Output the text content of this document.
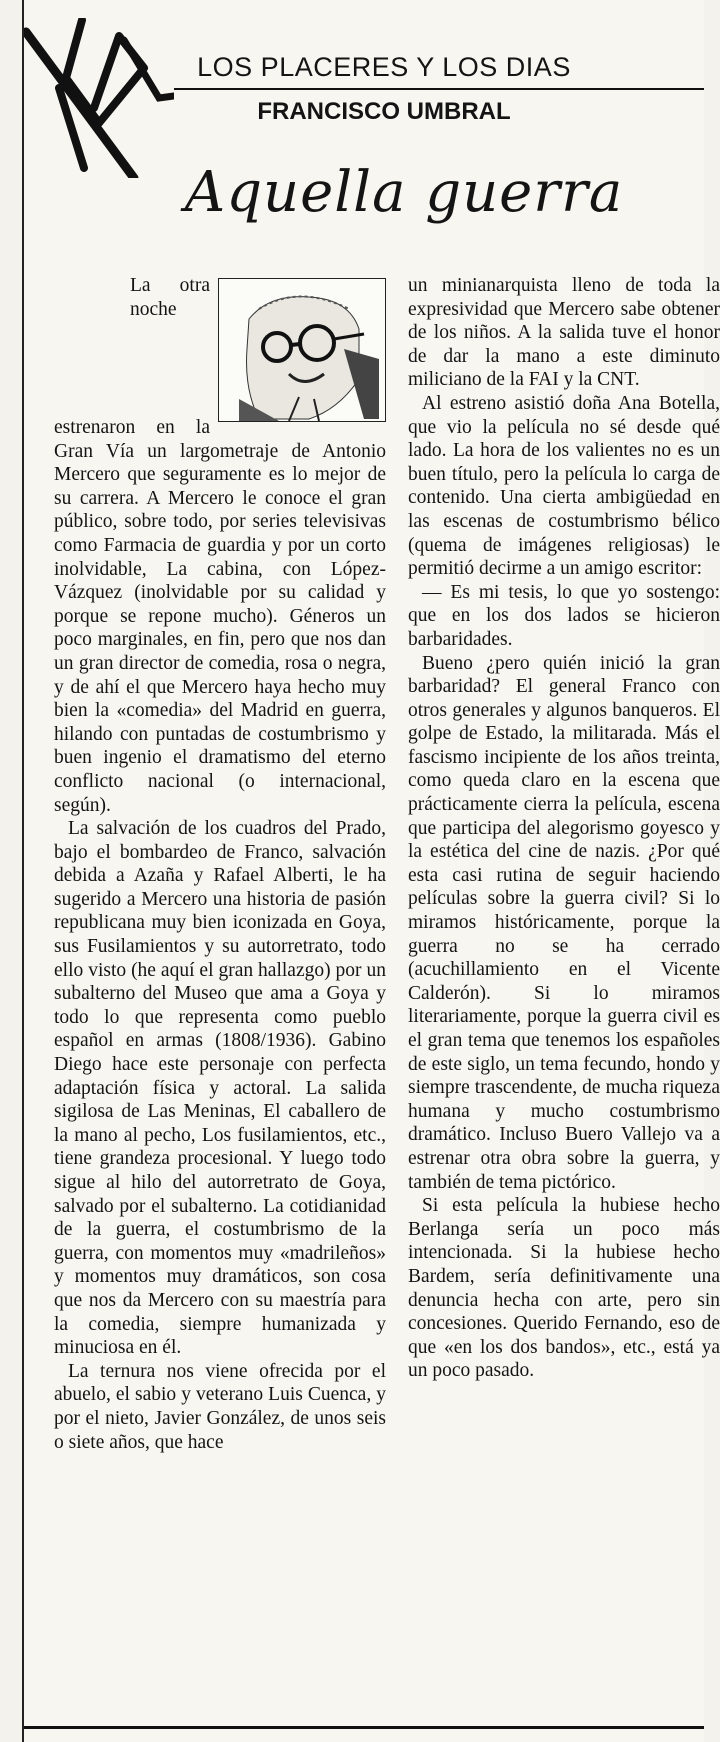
LOS PLACERES Y LOS DIAS
FRANCISCO UMBRAL
Aquella guerra

La otra noche estrenaron en la Gran Vía un largometraje de Antonio Mercero que seguramente es lo mejor de su carrera. A Mercero le conoce el gran público, sobre todo, por series televisivas como Farmacia de guardia y por un corto inolvidable, La cabina, con López-Vázquez (inolvidable por su calidad y porque se repone mucho). Géneros un poco marginales, en fin, pero que nos dan un gran director de comedia, rosa o negra, y de ahí el que Mercero haya hecho muy bien la «comedia» del Madrid en guerra, hilando con puntadas de costumbrismo y buen ingenio el dramatismo del eterno conflicto nacional (o internacional, según).

La salvación de los cuadros del Prado, bajo el bombardeo de Franco, salvación debida a Azaña y Rafael Alberti, le ha sugerido a Mercero una historia de pasión republicana muy bien iconizada en Goya, sus Fusilamientos y su autorretrato, todo ello visto (he aquí el gran hallazgo) por un subalterno del Museo que ama a Goya y todo lo que representa como pueblo español en armas (1808/1936). Gabino Diego hace este personaje con perfecta adaptación física y actoral. La salida sigilosa de Las Meninas, El caballero de la mano al pecho, Los fusilamientos, etc., tiene grandeza procesional. Y luego todo sigue al hilo del autorretrato de Goya, salvado por el subalterno. La cotidianidad de la guerra, el costumbrismo de la guerra, con momentos muy «madrileños» y momentos muy dramáticos, son cosa que nos da Mercero con su maestría para la comedia, siempre humanizada y minuciosa en él.

La ternura nos viene ofrecida por el abuelo, el sabio y veterano Luis Cuenca, y por el nieto, Javier González, de unos seis o siete años, que hace

un minianarquista lleno de toda la expresividad que Mercero sabe obtener de los niños. A la salida tuve el honor de dar la mano a este diminuto miliciano de la FAI y la CNT.

Al estreno asistió doña Ana Botella, que vio la película no sé desde qué lado. La hora de los valientes no es un buen título, pero la película lo carga de contenido. Una cierta ambigüedad en las escenas de costumbrismo bélico (quema de imágenes religiosas) le permitió decirme a un amigo escritor:

— Es mi tesis, lo que yo sostengo: que en los dos lados se hicieron barbaridades.

Bueno ¿pero quién inició la gran barbaridad? El general Franco con otros generales y algunos banqueros. El golpe de Estado, la militarada. Más el fascismo incipiente de los años treinta, como queda claro en la escena que prácticamente cierra la película, escena que participa del alegorismo goyesco y la estética del cine de nazis. ¿Por qué esta casi rutina de seguir haciendo películas sobre la guerra civil? Si lo miramos históricamente, porque la guerra no se ha cerrado (acuchillamiento en el Vicente Calderón). Si lo miramos literariamente, porque la guerra civil es el gran tema que tenemos los españoles de este siglo, un tema fecundo, hondo y siempre trascendente, de mucha riqueza humana y mucho costumbrismo dramático. Incluso Buero Vallejo va a estrenar otra obra sobre la guerra, y también de tema pictórico.

Si esta película la hubiese hecho Berlanga sería un poco más intencionada. Si la hubiese hecho Bardem, sería definitivamente una denuncia hecha con arte, pero sin concesiones. Querido Fernando, eso de que «en los dos bandos», etc., está ya un poco pasado.
